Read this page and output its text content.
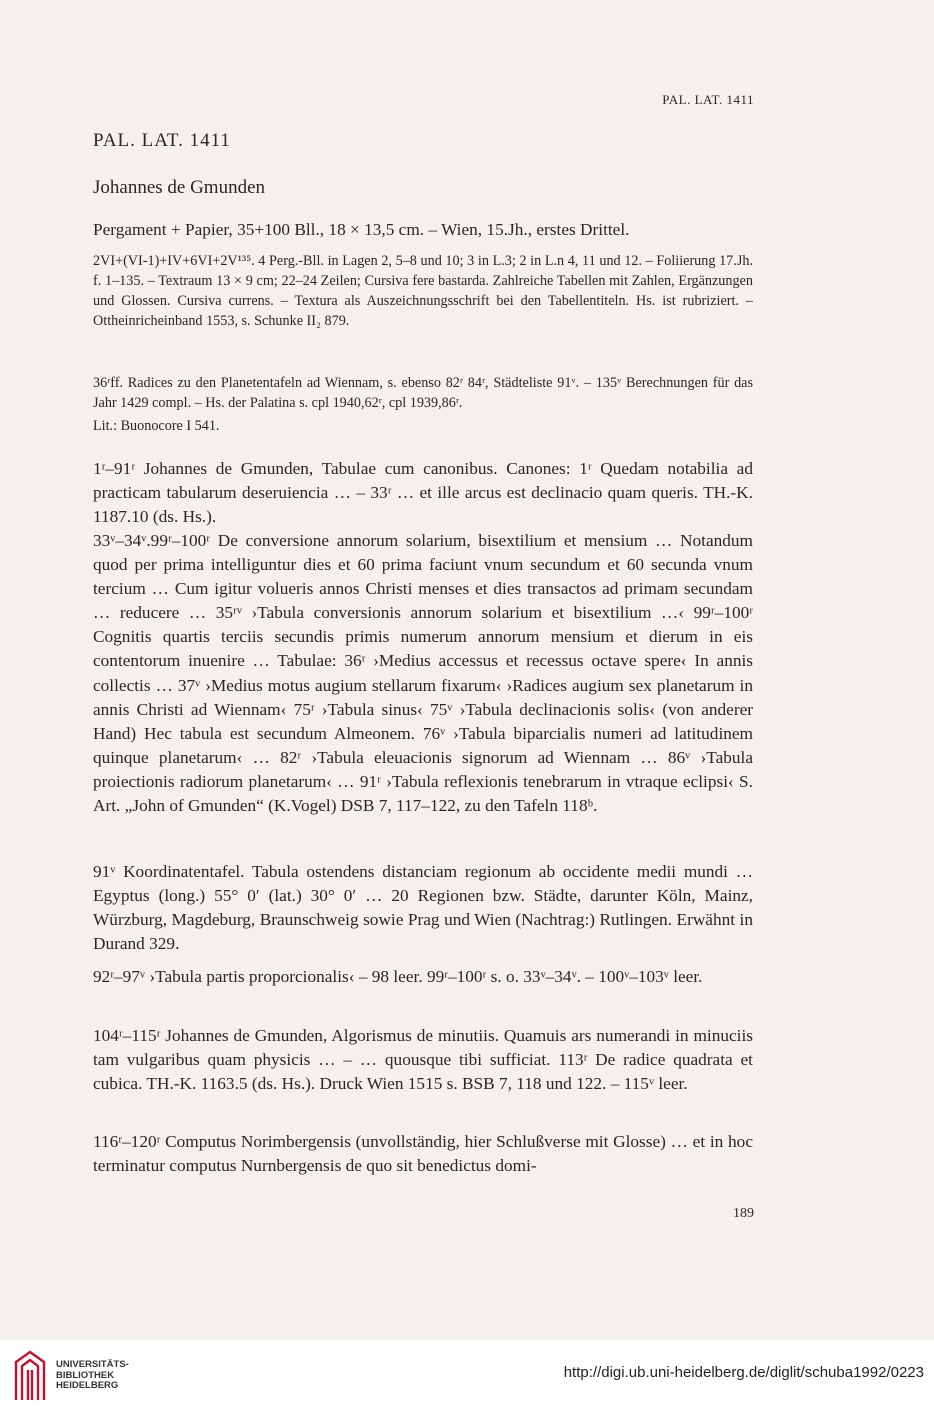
PAL. LAT. 1411
PAL. LAT. 1411
Johannes de Gmunden
Pergament + Papier, 35+100 Bll., 18 × 13,5 cm. – Wien, 15.Jh., erstes Drittel.
2VI+(VI-1)+IV+6VI+2V¹³⁵. 4 Perg.-Bll. in Lagen 2, 5–8 und 10; 3 in L.3; 2 in L.n 4, 11 und 12. – Foliierung 17.Jh. f. 1–135. – Textraum 13 × 9 cm; 22–24 Zeilen; Cursiva fere bastarda. Zahlreiche Tabellen mit Zahlen, Ergänzungen und Glossen. Cursiva currens. – Textura als Auszeichnungsschrift bei den Tabellentiteln. Hs. ist rubriziert. – Ottheinricheinband 1553, s. Schunke II₂ 879.
36ʳff. Radices zu den Planetentafeln ad Wiennam, s. ebenso 82ʳ 84ʳ, Städteliste 91ᵛ. – 135ᵛ Berechnungen für das Jahr 1429 compl. – Hs. der Palatina s. cpl 1940,62ʳ, cpl 1939,86ʳ.
Lit.: Buonocore I 541.
1ʳ–91ʳ Johannes de Gmunden, Tabulae cum canonibus. Canones: 1ʳ Quedam notabilia ad practicam tabularum deseruiencia … – 33ʳ … et ille arcus est declinacio quam queris. TH.-K. 1187.10 (ds. Hs.).
33ᵛ–34ᵛ.99ʳ–100ʳ De conversione annorum solarium, bisextilium et mensium … Notandum quod per prima intelliguntur dies et 60 prima faciunt vnum secundum et 60 secunda vnum tercium … Cum igitur volueris annos Christi menses et dies transactos ad primam secundam … reducere … 35ʳᵛ ›Tabula conversionis annorum solarium et bisextilium …‹ 99ʳ–100ʳ Cognitis quartis terciis secundis primis numerum annorum mensium et dierum in eis contentorum inuenire … Tabulae: 36ʳ ›Medius accessus et recessus octave spere‹ In annis collectis … 37ᵛ ›Medius motus augium stellarum fixarum‹ ›Radices augium sex planetarum in annis Christi ad Wiennam‹ 75ʳ ›Tabula sinus‹ 75ᵛ ›Tabula declinacionis solis‹ (von anderer Hand) Hec tabula est secundum Almeonem. 76ᵛ ›Tabula biparcialis numeri ad latitudinem quinque planetarum‹ … 82ʳ ›Tabula eleuacionis signorum ad Wiennam … 86ᵛ ›Tabula proiectionis radiorum planetarum‹ … 91ʳ ›Tabula reflexionis tenebrarum in vtraque eclipsi‹ S. Art. „John of Gmunden“ (K.Vogel) DSB 7, 117–122, zu den Tafeln 118ᵇ.
91ᵛ Koordinatentafel. Tabula ostendens distanciam regionum ab occidente medii mundi … Egyptus (long.) 55° 0′ (lat.) 30° 0′ … 20 Regionen bzw. Städte, darunter Köln, Mainz, Würzburg, Magdeburg, Braunschweig sowie Prag und Wien (Nachtrag:) Rutlingen. Erwähnt in Durand 329.
92ʳ–97ᵛ ›Tabula partis proporcionalis‹ – 98 leer. 99ʳ–100ʳ s. o. 33ᵛ–34ᵛ. – 100ᵛ–103ᵛ leer.
104ʳ–115ʳ Johannes de Gmunden, Algorismus de minutiis. Quamuis ars numerandi in minuciis tam vulgaribus quam physicis … – … quousque tibi sufficiat. 113ʳ De radice quadrata et cubica. TH.-K. 1163.5 (ds. Hs.). Druck Wien 1515 s. BSB 7, 118 und 122. – 115ᵛ leer.
116ʳ–120ʳ Computus Norimbergensis (unvollständig, hier Schlußverse mit Glosse) … et in hoc terminatur computus Nurnbergensis de quo sit benedictus domi-
189
UNIVERSITÄTS-
BIBLIOTHEK
HEIDELBERG
http://digi.ub.uni-heidelberg.de/diglit/schuba1992/0223
